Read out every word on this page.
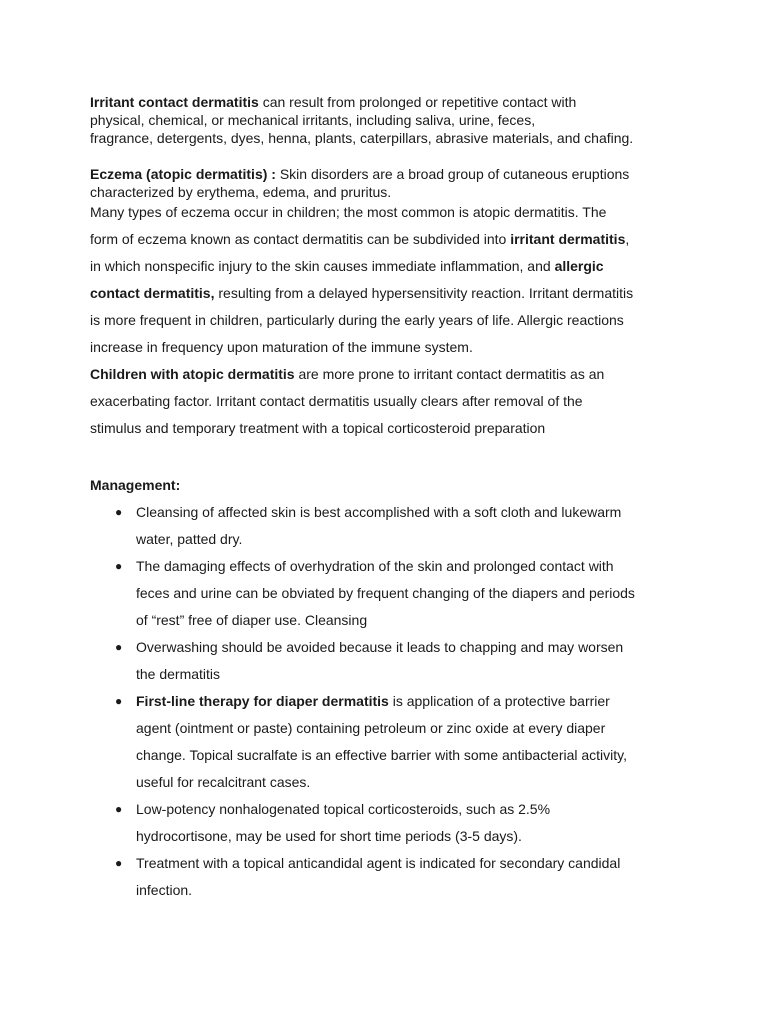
Irritant contact dermatitis can result from prolonged or repetitive contact with
physical, chemical, or mechanical irritants, including saliva, urine, feces,
fragrance, detergents, dyes, henna, plants, caterpillars, abrasive materials, and chafing.

Eczema (atopic dermatitis) : Skin disorders are a broad group of cutaneous eruptions
characterized by erythema, edema, and pruritus.

Many types of eczema occur in children; the most common is atopic dermatitis. The
form of eczema known as contact dermatitis can be subdivided into irritant dermatitis,
in which nonspecific injury to the skin causes immediate inflammation, and allergic
contact dermatitis, resulting from a delayed hypersensitivity reaction. Irritant dermatitis
is more frequent in children, particularly during the early years of life. Allergic reactions
increase in frequency upon maturation of the immune system.

Children with atopic dermatitis are more prone to irritant contact dermatitis as an
exacerbating factor. Irritant contact dermatitis usually clears after removal of the
stimulus and temporary treatment with a topical corticosteroid preparation

Management:

● Cleansing of affected skin is best accomplished with a soft cloth and lukewarm
water, patted dry.
● The damaging effects of overhydration of the skin and prolonged contact with
feces and urine can be obviated by frequent changing of the diapers and periods
of “rest” free of diaper use. Cleansing
● Overwashing should be avoided because it leads to chapping and may worsen
the dermatitis
● First-line therapy for diaper dermatitis is application of a protective barrier
agent (ointment or paste) containing petroleum or zinc oxide at every diaper
change. Topical sucralfate is an effective barrier with some antibacterial activity,
useful for recalcitrant cases.
● Low-potency nonhalogenated topical corticosteroids, such as 2.5%
hydrocortisone, may be used for short time periods (3-5 days).
● Treatment with a topical anticandidal agent is indicated for secondary candidal
infection.
